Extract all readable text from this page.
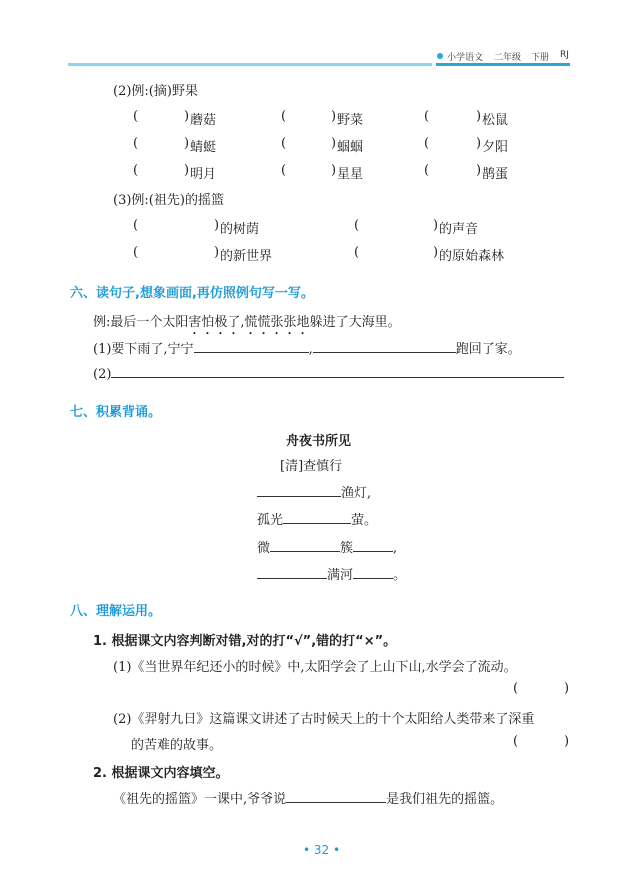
小学语文 二年级 下册 RJ
(2)例:(摘)野果
(	) 蘑菇	(	) 野菜	(	) 松鼠
(	) 蜻蜓	(	) 蝈蝈	(	) 夕阳
(	) 明月	(	) 星星	(	) 鹊蛋
(3)例:(祖先)的摇篮
(	) 的树荫	(	) 的声音
(	) 的新世界	(	) 的原始森林
六、读句子,想象画面,再仿照例句写一写。
例:最后一个太阳害怕极了,慌慌张张地躲进了大海里。
(1)要下雨了,宁宁	,	跑回了家。
(2)
七、积累背诵。
舟夜书所见
[清]查慎行
渔灯,
孤光	萤。
微	簇	,
满河	。
八、理解运用。
1. 根据课文内容判断对错,对的打“√”,错的打“×”。
(1)《当世界年纪还小的时候》中,太阳学会了上山下山,水学会了流动。
(	)
(2)《羿射九日》这篇课文讲述了古时候天上的十个太阳给人类带来了深重
的苦难的故事。	(	)
2. 根据课文内容填空。
《祖先的摇篮》一课中,爷爷说	是我们祖先的摇篮。
• 32 •
